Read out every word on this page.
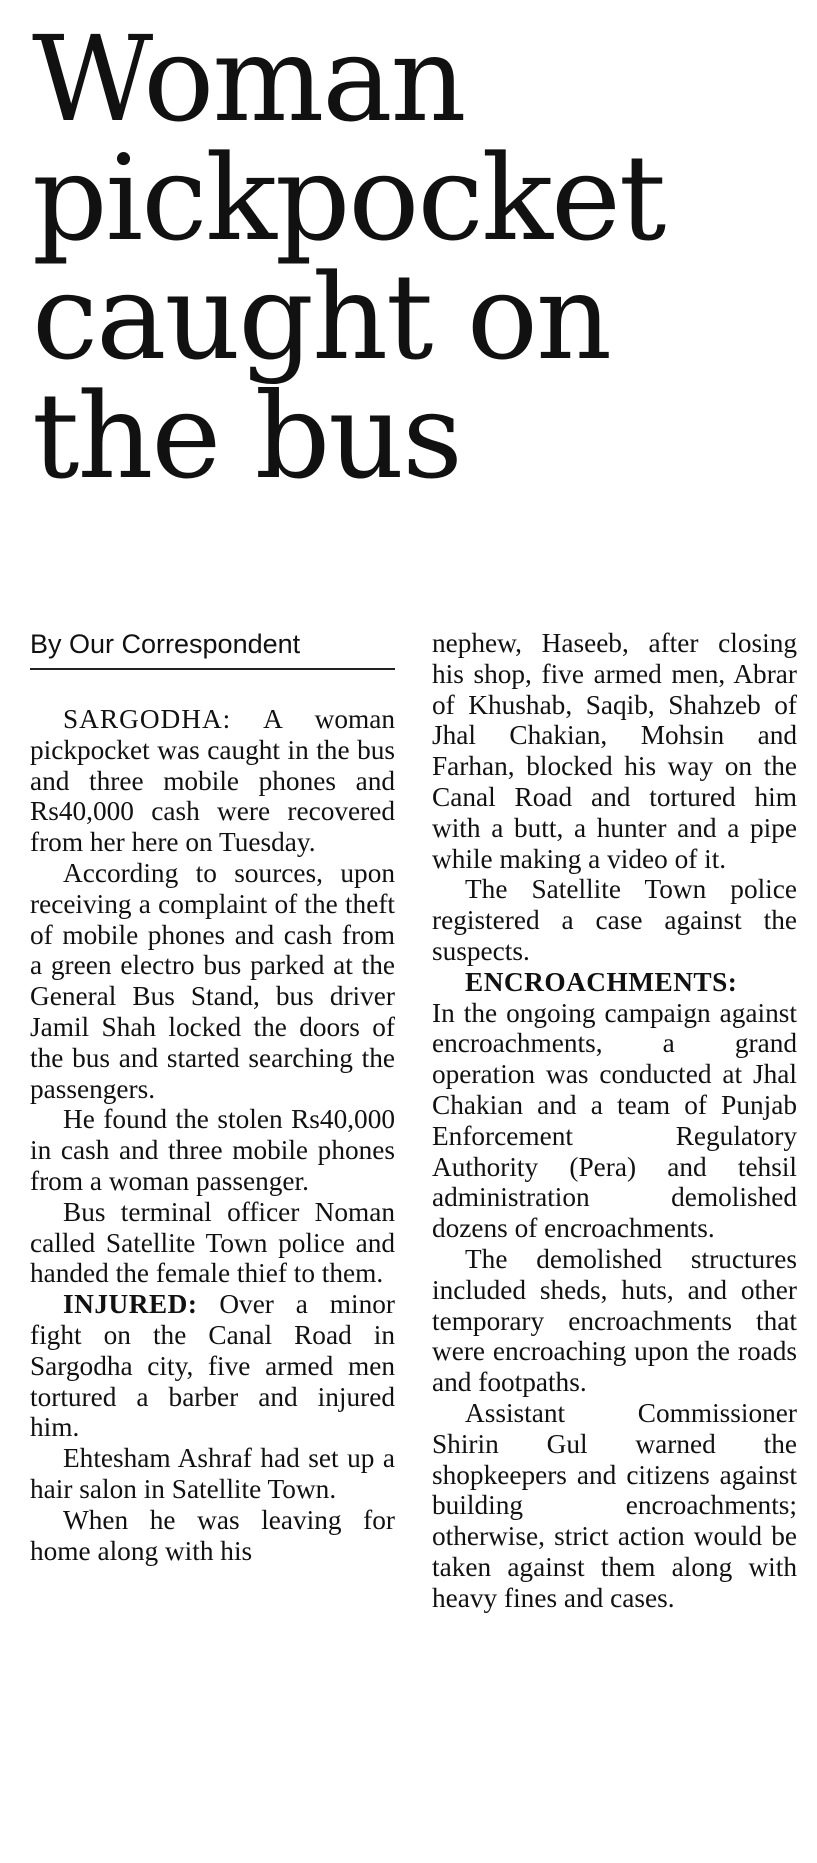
Woman
pickpocket
caught on
the bus
By Our Correspondent

SARGODHA: A woman pickpocket was caught in the bus and three mobile phones and Rs40,000 cash were recovered from her here on Tuesday.

According to sources, upon receiving a complaint of the theft of mobile phones and cash from a green electro bus parked at the General Bus Stand, bus driver Jamil Shah locked the doors of the bus and started searching the passengers.

He found the stolen Rs40,000 in cash and three mobile phones from a woman passenger.

Bus terminal officer Noman called Satellite Town police and handed the female thief to them.

INJURED: Over a minor fight on the Canal Road in Sargodha city, five armed men tortured a barber and injured him.

Ehtesham Ashraf had set up a hair salon in Satellite Town.

When he was leaving for home along with his

nephew, Haseeb, after closing his shop, five armed men, Abrar of Khushab, Saqib, Shahzeb of Jhal Chakian, Mohsin and Farhan, blocked his way on the Canal Road and tortured him with a butt, a hunter and a pipe while making a video of it.

The Satellite Town police registered a case against the suspects.

ENCROACHMENTS:

In the ongoing campaign against encroachments, a grand operation was conducted at Jhal Chakian and a team of Punjab Enforcement Regulatory Authority (Pera) and tehsil administration demolished dozens of encroachments.

The demolished structures included sheds, huts, and other temporary encroachments that were encroaching upon the roads and footpaths.

Assistant Commissioner Shirin Gul warned the shopkeepers and citizens against building encroachments; otherwise, strict action would be taken against them along with heavy fines and cases.
